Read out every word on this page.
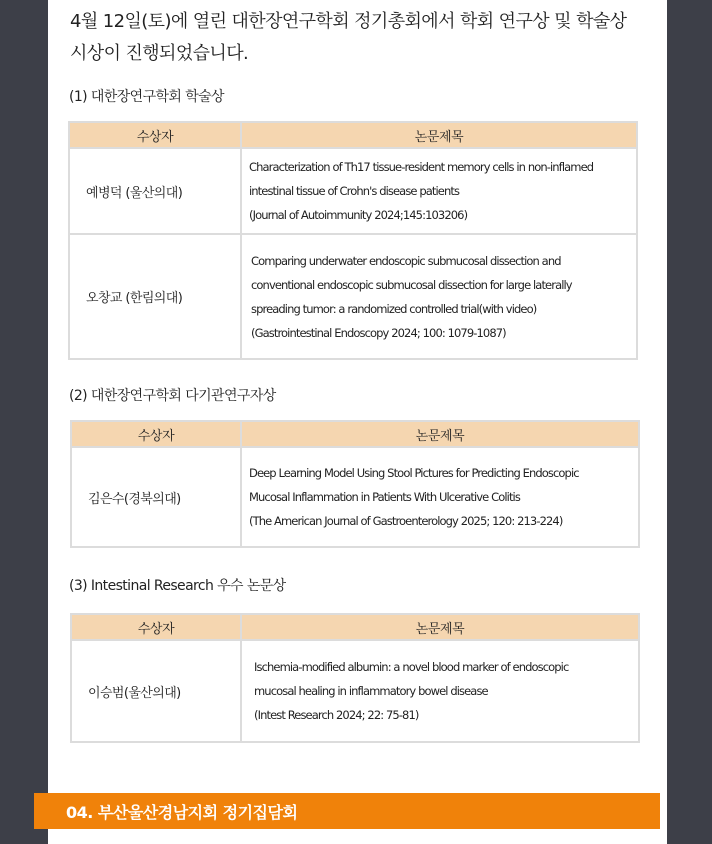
4월 12일(토)에 열린 대한장연구학회 정기총회에서 학회 연구상 및 학술상
시상이 진행되었습니다.
(1) 대한장연구학회 학술상
수상자	논문제목
예병덕 (울산의대)	Characterization of Th17 tissue-resident memory cells in non-inflamed
intestinal tissue of Crohn's disease patients
(Journal of Autoimmunity 2024;145:103206)

오창교 (한림의대)	Comparing underwater endoscopic submucosal dissection and
conventional endoscopic submucosal dissection for large laterally
spreading tumor: a randomized controlled trial(with video)
(Gastrointestinal Endoscopy 2024; 100: 1079-1087)
(2) 대한장연구학회 다기관연구자상
수상자	논문제목
김은수(경북의대)	Deep Learning Model Using Stool Pictures for Predicting Endoscopic
Mucosal Inflammation in Patients With Ulcerative Colitis
(The American Journal of Gastroenterology 2025; 120: 213-224)
(3) Intestinal Research 우수 논문상
수상자	논문제목
이승범(울산의대)	Ischemia-modified albumin: a novel blood marker of endoscopic
mucosal healing in inflammatory bowel disease
(Intest Research 2024; 22: 75-81)
04. 부산울산경남지회 정기집담회
